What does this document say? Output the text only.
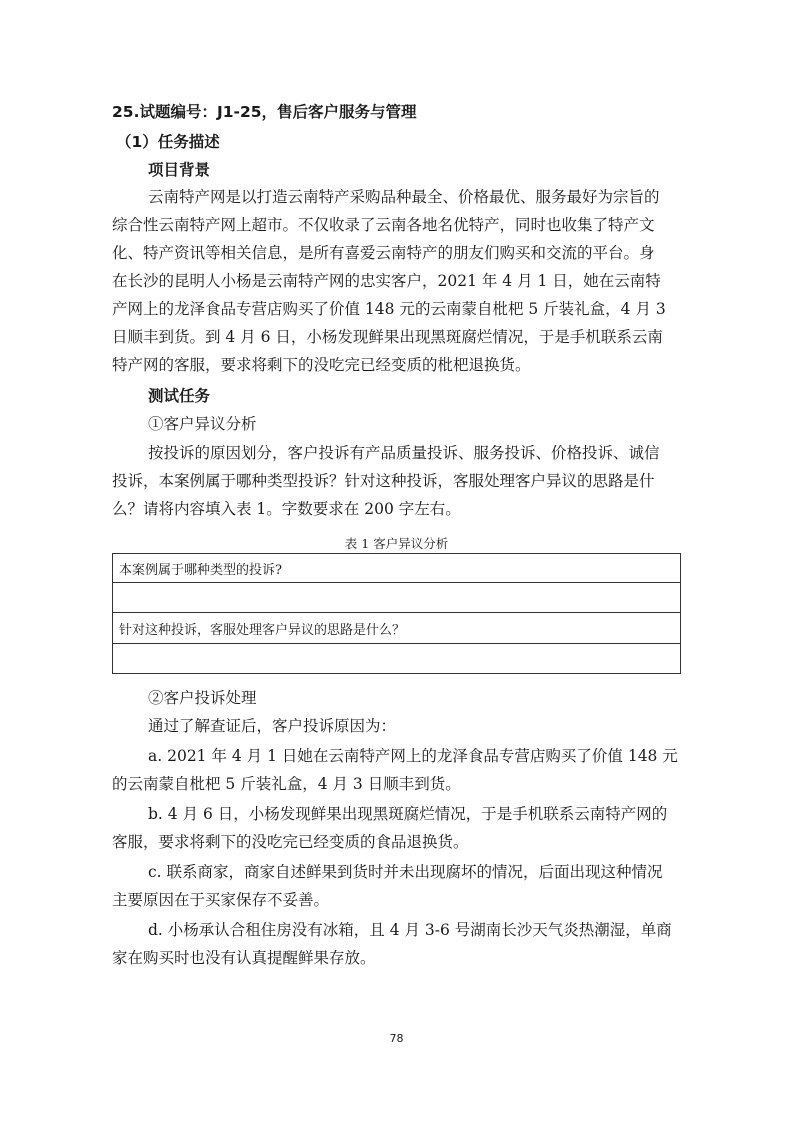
25.试题编号：J1-25，售后客户服务与管理
（1）任务描述
项目背景
云南特产网是以打造云南特产采购品种最全、价格最优、服务最好为宗旨的
综合性云南特产网上超市。不仅收录了云南各地名优特产，同时也收集了特产文
化、特产资讯等相关信息，是所有喜爱云南特产的朋友们购买和交流的平台。身
在长沙的昆明人小杨是云南特产网的忠实客户，2021 年 4 月 1 日，她在云南特
产网上的龙泽食品专营店购买了价值 148 元的云南蒙自枇杷 5 斤装礼盒，4 月 3
日顺丰到货。到 4 月 6 日，小杨发现鲜果出现黑斑腐烂情况，于是手机联系云南
特产网的客服，要求将剩下的没吃完已经变质的枇杷退换货。
测试任务
①客户异议分析
按投诉的原因划分，客户投诉有产品质量投诉、服务投诉、价格投诉、诚信
投诉，本案例属于哪种类型投诉？针对这种投诉，客服处理客户异议的思路是什
么？请将内容填入表 1。字数要求在 200 字左右。
表 1 客户异议分析
本案例属于哪种类型的投诉?

针对这种投诉，客服处理客户异议的思路是什么？

②客户投诉处理
通过了解查证后，客户投诉原因为：
a. 2021 年 4 月 1 日她在云南特产网上的龙泽食品专营店购买了价值 148 元
的云南蒙自枇杷 5 斤装礼盒，4 月 3 日顺丰到货。
b. 4 月 6 日，小杨发现鲜果出现黑斑腐烂情况，于是手机联系云南特产网的
客服，要求将剩下的没吃完已经变质的食品退换货。
c. 联系商家，商家自述鲜果到货时并未出现腐坏的情况，后面出现这种情况
主要原因在于买家保存不妥善。
d. 小杨承认合租住房没有冰箱，且 4 月 3-6 号湖南长沙天气炎热潮湿，单商
家在购买时也没有认真提醒鲜果存放。
78
